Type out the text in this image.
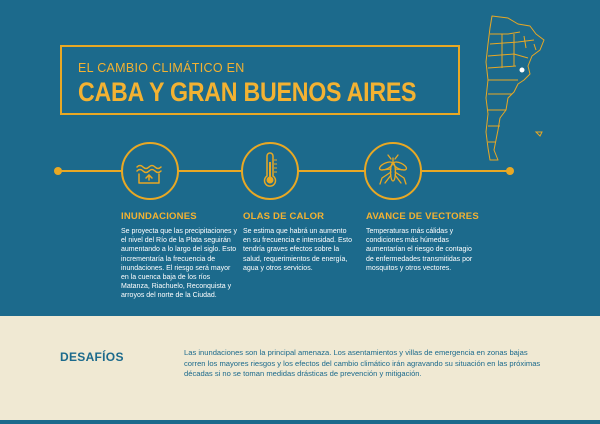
EL CAMBIO CLIMÁTICO EN
CABA Y GRAN BUENOS AIRES
INUNDACIONES
Se proyecta que las precipitaciones y el nivel del Río de la Plata seguirán aumentando a lo largo del siglo. Esto incrementaría la frecuencia de inundaciones. El riesgo será mayor en la cuenca baja de los ríos Matanza, Riachuelo, Reconquista y arroyos del norte de la Ciudad.
OLAS DE CALOR
Se estima que habrá un aumento en su frecuencia e intensidad. Esto tendría graves efectos sobre la salud, requerimientos de energía, agua y otros servicios.
AVANCE DE VECTORES
Temperaturas más cálidas y condiciones más húmedas aumentarían el riesgo de contagio de enfermedades transmitidas por mosquitos y otros vectores.
DESAFÍOS	Las inundaciones son la principal amenaza. Los asentamientos y villas de emergencia en zonas bajas corren los mayores riesgos y los efectos del cambio climático irán agravando su situación en las próximas décadas si no se toman medidas drásticas de prevención y mitigación.
